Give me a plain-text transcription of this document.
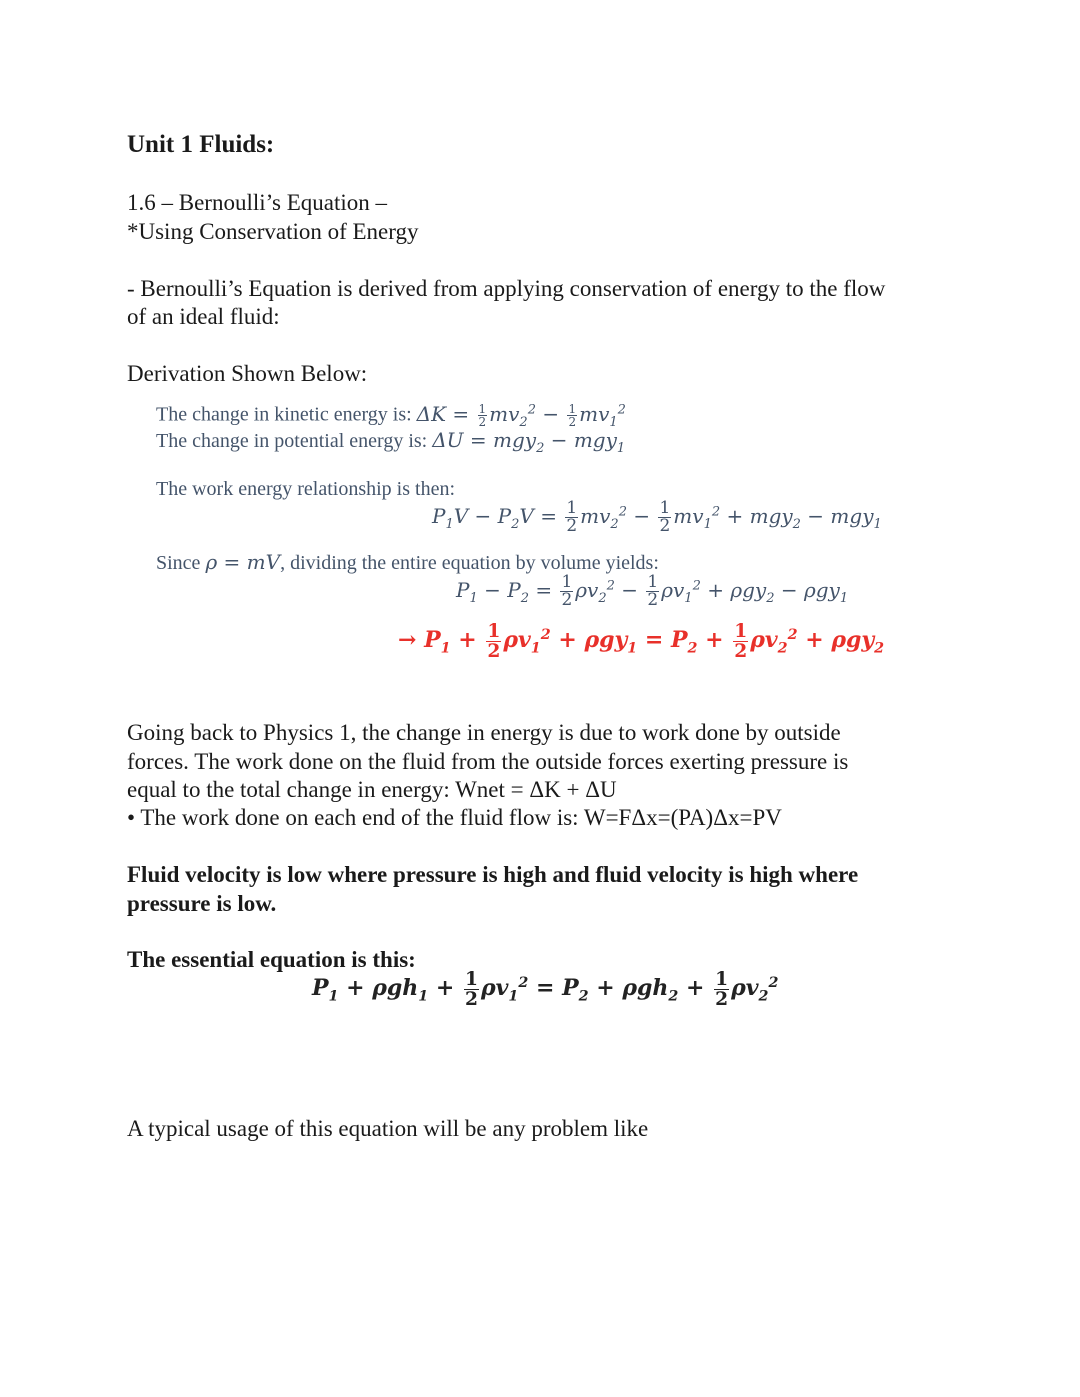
Unit 1 Fluids:
1.6 – Bernoulli’s Equation –
*Using Conservation of Energy
- Bernoulli’s Equation is derived from applying conservation of energy to the flow
of an ideal fluid:
Derivation Shown Below:
The change in kinetic energy is: $\Delta K = \frac{1}{2} mv_2^2 - \frac{1}{2} mv_1^2$
The change in potential energy is: ΔU = mgy$_2$ − mgy$_1$
The work energy relationship is then:
$P_1V - P_2V = \frac{1}{2} mv_2^2 - \frac{1}{2} mv_1^2 + mgy_2 - mgy_1$
Since ρ = mV, dividing the entire equation by volume yields:
$P_1 - P_2 = \frac{1}{2} \rho v_2^2 - \frac{1}{2} \rho v_1^2 + \rho gy_2 - \rho gy_1$
→ $P_1 + \frac{1}{2} \rho v_1^2 + \rho gy_1 = P_2 + \frac{1}{2} \rho v_2^2 + \rho gy_2$
Going back to Physics 1, the change in energy is due to work done by outside
forces. The work done on the fluid from the outside forces exerting pressure is
equal to the total change in energy: Wnet = ΔK + ΔU
• The work done on each end of the fluid flow is: W=FΔx=(PA)Δx=PV
Fluid velocity is low where pressure is high and fluid velocity is high where
pressure is low.
The essential equation is this:
$P_1 + \rho gh_1 + \frac{1}{2} \rho v_1^2 = P_2 + \rho gh_2 + \frac{1}{2} \rho v_2^2$
A typical usage of this equation will be any problem like
